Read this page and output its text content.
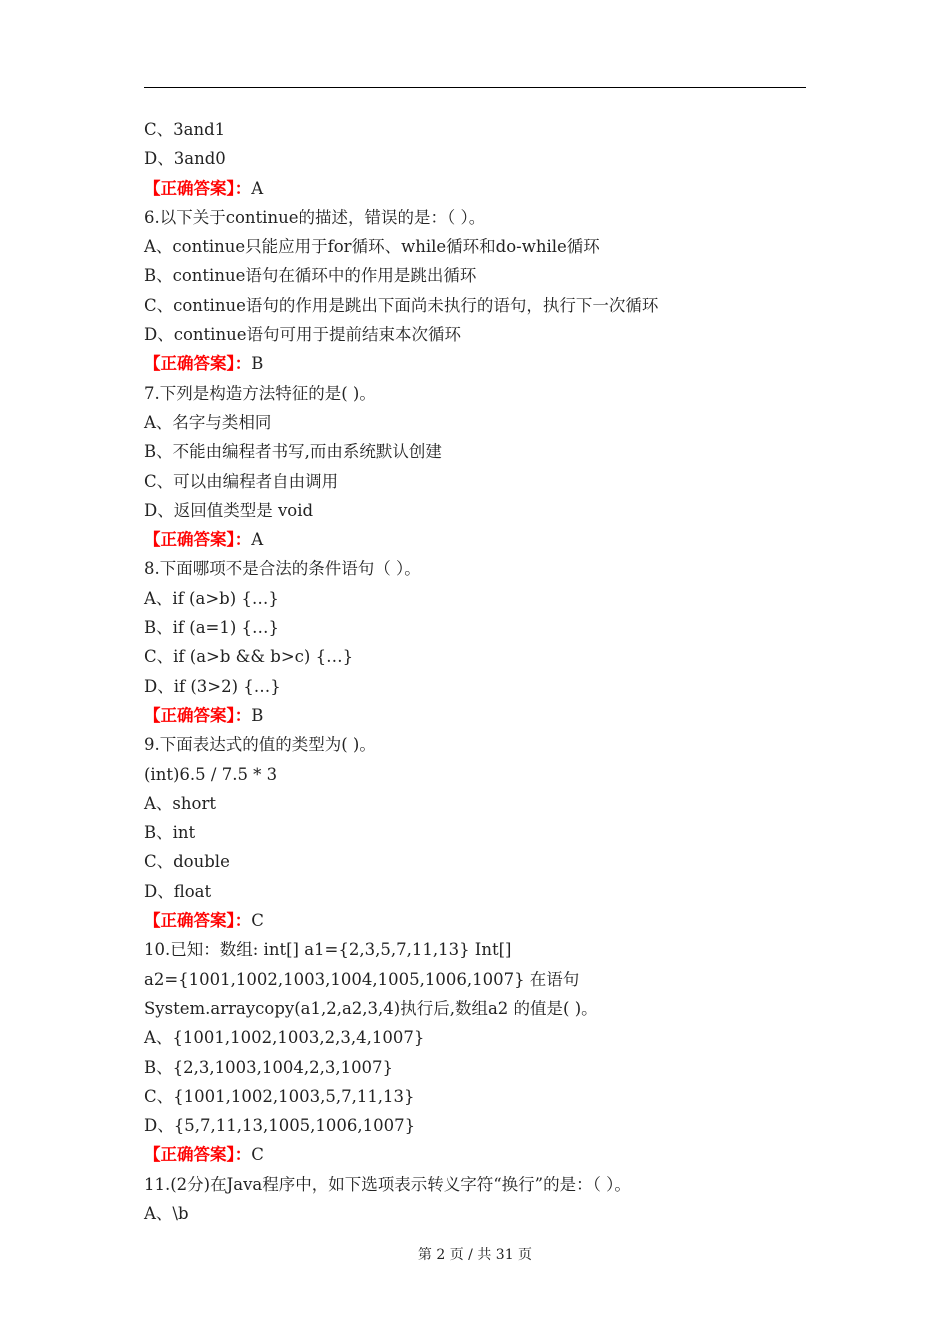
C、3and1
D、3and0
【正确答案】：A
6.以下关于continue的描述，错误的是：（ ）。
A、continue只能应用于for循环、while循环和do-while循环
B、continue语句在循环中的作用是跳出循环
C、continue语句的作用是跳出下面尚未执行的语句，执行下一次循环
D、continue语句可用于提前结束本次循环
【正确答案】：B
7.下列是构造方法特征的是( )。
A、名字与类相同
B、不能由编程者书写,而由系统默认创建
C、可以由编程者自由调用
D、返回值类型是 void
【正确答案】：A
8.下面哪项不是合法的条件语句（ ）。
A、if (a>b) {…}
B、if (a=1) {…}
C、if (a>b && b>c) {…}
D、if (3>2) {…}
【正确答案】：B
9.下面表达式的值的类型为( )。
(int)6.5 / 7.5 * 3
A、short
B、int
C、double
D、float
【正确答案】：C
10.已知：数组: int[] a1={2,3,5,7,11,13} Int[]
a2={1001,1002,1003,1004,1005,1006,1007} 在语句
System.arraycopy(a1,2,a2,3,4)执行后,数组a2 的值是( )。
A、{1001,1002,1003,2,3,4,1007}
B、{2,3,1003,1004,2,3,1007}
C、{1001,1002,1003,5,7,11,13}
D、{5,7,11,13,1005,1006,1007}
【正确答案】：C
11.(2分)在Java程序中，如下选项表示转义字符“换行”的是：（ ）。
A、\b
第 2 页 / 共 31 页
